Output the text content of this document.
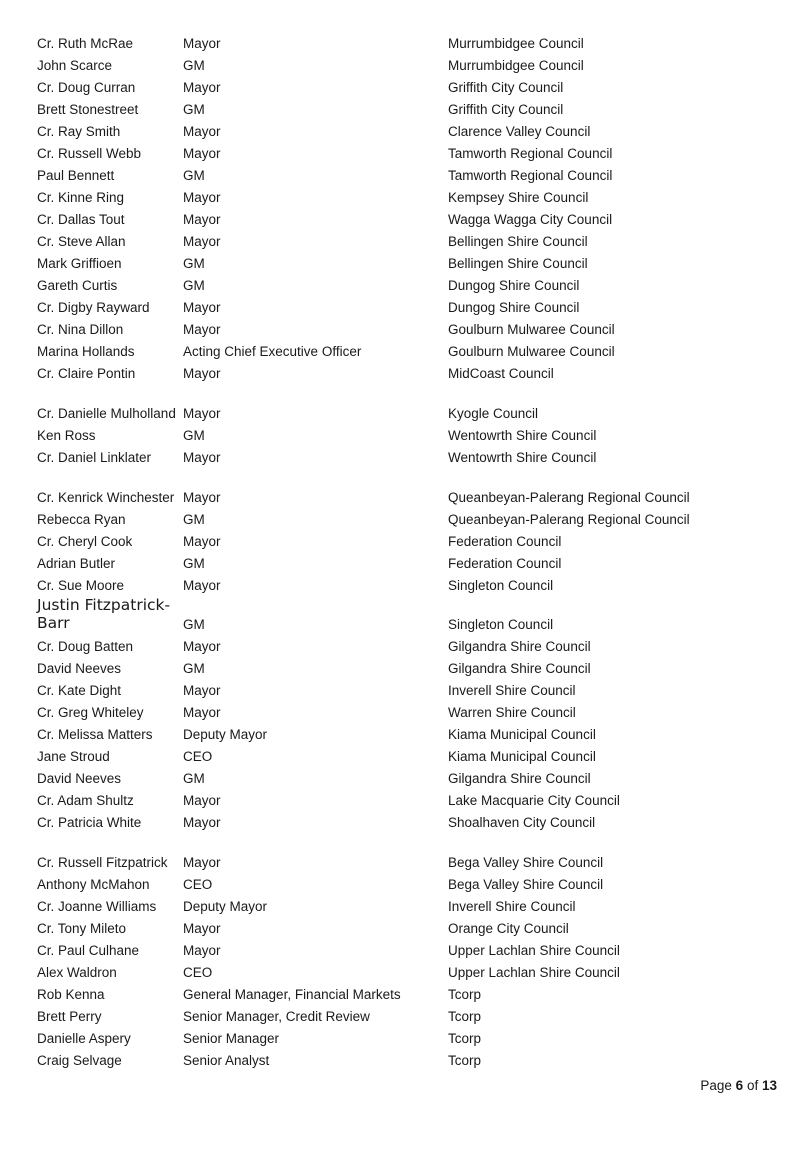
Cr. Ruth McRae	Mayor	Murrumbidgee Council
John Scarce	GM	Murrumbidgee Council
Cr. Doug Curran	Mayor	Griffith City Council
Brett Stonestreet	GM	Griffith City Council
Cr. Ray Smith	Mayor	Clarence Valley Council
Cr. Russell Webb	Mayor	Tamworth Regional Council
Paul Bennett	GM	Tamworth Regional Council
Cr. Kinne Ring	Mayor	Kempsey Shire Council
Cr. Dallas Tout	Mayor	Wagga Wagga City Council
Cr. Steve Allan	Mayor	Bellingen Shire Council
Mark Griffioen	GM	Bellingen Shire Council
Gareth Curtis	GM	Dungog Shire Council
Cr. Digby Rayward	Mayor	Dungog Shire Council
Cr. Nina Dillon	Mayor	Goulburn Mulwaree Council
Marina Hollands	Acting Chief Executive Officer	Goulburn Mulwaree Council
Cr. Claire Pontin	Mayor	MidCoast Council
Cr. Danielle Mulholland	Mayor	Kyogle Council
Ken Ross	GM	Wentowrth Shire Council
Cr. Daniel Linklater	Mayor	Wentowrth Shire Council
Cr. Kenrick Winchester	Mayor	Queanbeyan-Palerang Regional Council
Rebecca Ryan	GM	Queanbeyan-Palerang Regional Council
Cr. Cheryl Cook	Mayor	Federation Council
Adrian Butler	GM	Federation Council
Cr. Sue Moore	Mayor	Singleton Council
Justin Fitzpatrick-Barr	GM	Singleton Council
Cr. Doug Batten	Mayor	Gilgandra Shire Council
David Neeves	GM	Gilgandra Shire Council
Cr. Kate Dight	Mayor	Inverell Shire Council
Cr. Greg Whiteley	Mayor	Warren Shire Council
Cr. Melissa Matters	Deputy Mayor	Kiama Municipal Council
Jane Stroud	CEO	Kiama Municipal Council
David Neeves	GM	Gilgandra Shire Council
Cr. Adam Shultz	Mayor	Lake Macquarie City Council
Cr. Patricia White	Mayor	Shoalhaven City Council
Cr. Russell Fitzpatrick	Mayor	Bega Valley Shire Council
Anthony McMahon	CEO	Bega Valley Shire Council
Cr. Joanne Williams	Deputy Mayor	Inverell Shire Council
Cr. Tony Mileto	Mayor	Orange City Council
Cr. Paul Culhane	Mayor	Upper Lachlan Shire Council
Alex Waldron	CEO	Upper Lachlan Shire Council
Rob Kenna	General Manager, Financial Markets	Tcorp
Brett Perry	Senior Manager, Credit Review	Tcorp
Danielle Aspery	Senior Manager	Tcorp
Craig Selvage	Senior Analyst	Tcorp
Page 6 of 13
